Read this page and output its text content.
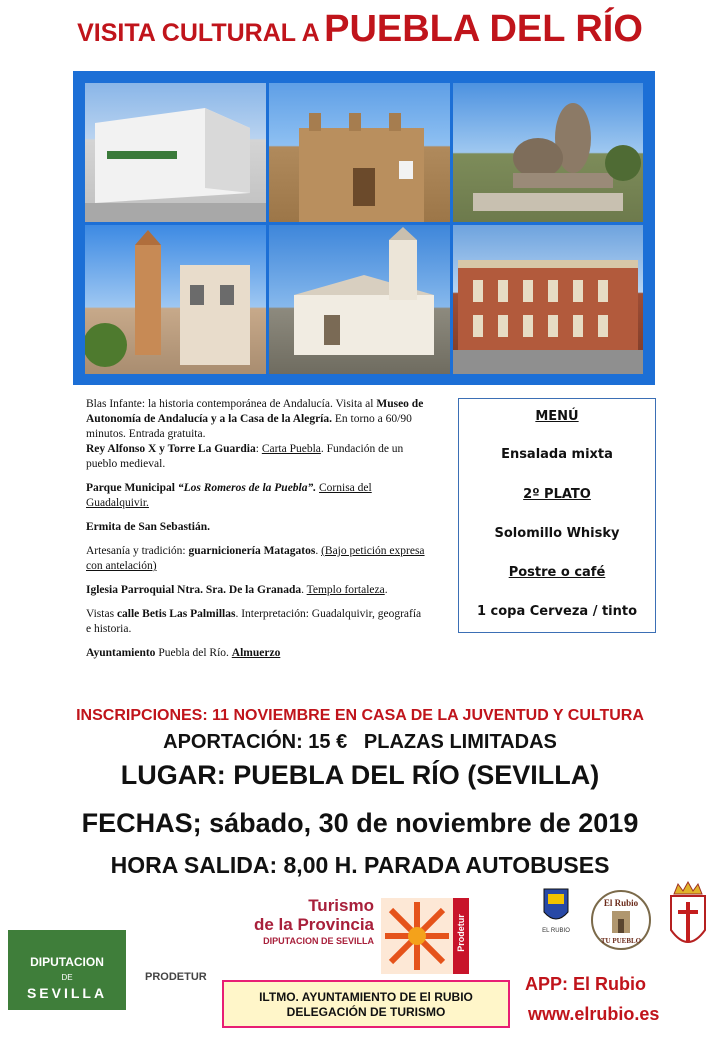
VISITA CULTURAL A PUEBLA DEL RÍO

Blas Infante: la historia contemporánea de Andalucía. Visita al Museo de Autonomía de Andalucía y a la Casa de la Alegría. En torno a 60/90 minutos. Entrada gratuita.
Rey Alfonso X y Torre La Guardia: Carta Puebla. Fundación de un pueblo medieval.

Parque Municipal “Los Romeros de la Puebla”. Cornisa del Guadalquivir.

Ermita de San Sebastián.

Artesanía y tradición: guarnicionería Matagatos. (Bajo petición expresa con antelación)

Iglesia Parroquial Ntra. Sra. De la Granada. Templo fortaleza.

Vistas calle Betis Las Palmillas. Interpretación: Guadalquivir, geografía e historia.

Ayuntamiento Puebla del Río. Almuerzo

MENÚ
Ensalada mixta
2º PLATO
Solomillo Whisky
Postre o café
1 copa Cerveza / tinto
INSCRIPCIONES: 11 NOVIEMBRE EN CASA DE LA JUVENTUD Y CULTURA
APORTACIÓN: 15 €   PLAZAS LIMITADAS
LUGAR: PUEBLA DEL RÍO (SEVILLA)
FECHAS; sábado, 30 de noviembre de 2019
HORA SALIDA: 8,00 H. PARADA AUTOBUSES
DIPUTACION
DE
SEVILLA
PRODETUR
Turismo
de la Provincia
DIPUTACION DE SEVILLA	Prodetur	EL RUBIO
El Rubio
TU PUEBLO
ILTMO. AYUNTAMIENTO DE El RUBIO
DELEGACIÓN DE TURISMO
APP: El Rubio
www.elrubio.es
